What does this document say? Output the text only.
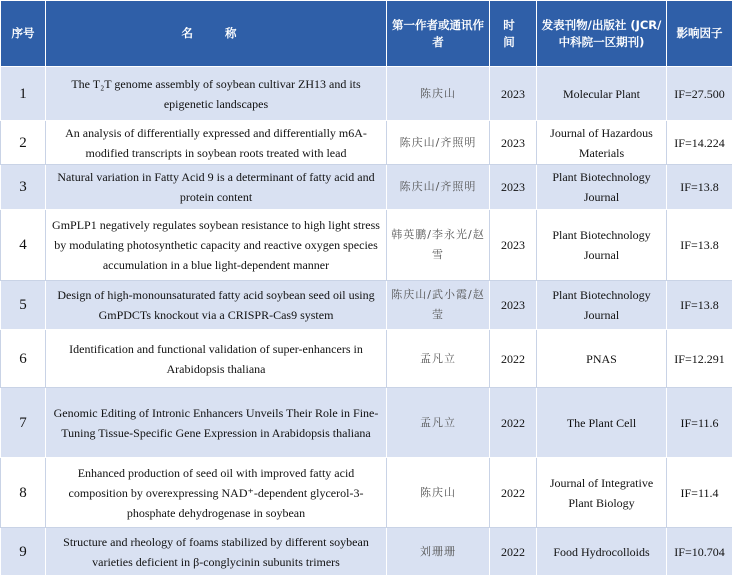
序号	名 称	第一作者或通讯作者	时 间	发表刊物/出版社 (JCR/中科院一区期刊)	影响因子
1	The T₂T genome assembly of soybean cultivar ZH13 and its epigenetic landscapes	陈庆山	2023	Molecular Plant	IF=27.500
2	An analysis of differentially expressed and differentially m6A-modified transcripts in soybean roots treated with lead	陈庆山/齐照明	2023	Journal of Hazardous Materials	IF=14.224
3	Natural variation in Fatty Acid 9 is a determinant of fatty acid and protein content	陈庆山/齐照明	2023	Plant Biotechnology Journal	IF=13.8
4	GmPLP1 negatively regulates soybean resistance to high light stress by modulating photosynthetic capacity and reactive oxygen species accumulation in a blue light-dependent manner	韩英鹏/李永光/赵雪	2023	Plant Biotechnology Journal	IF=13.8
5	Design of high-monounsaturated fatty acid soybean seed oil using GmPDCTs knockout via a CRISPR-Cas9 system	陈庆山/武小霞/赵莹	2023	Plant Biotechnology Journal	IF=13.8
6	Identification and functional validation of super-enhancers in Arabidopsis thaliana	孟凡立	2022	PNAS	IF=12.291
7	Genomic Editing of Intronic Enhancers Unveils Their Role in Fine-Tuning Tissue-Specific Gene Expression in Arabidopsis thaliana	孟凡立	2022	The Plant Cell	IF=11.6
8	Enhanced production of seed oil with improved fatty acid composition by overexpressing NAD⁺-dependent glycerol-3-phosphate dehydrogenase in soybean	陈庆山	2022	Journal of Integrative Plant Biology	IF=11.4
9	Structure and rheology of foams stabilized by different soybean varieties deficient in β-conglycinin subunits trimers	刘珊珊	2022	Food Hydrocolloids	IF=10.704
